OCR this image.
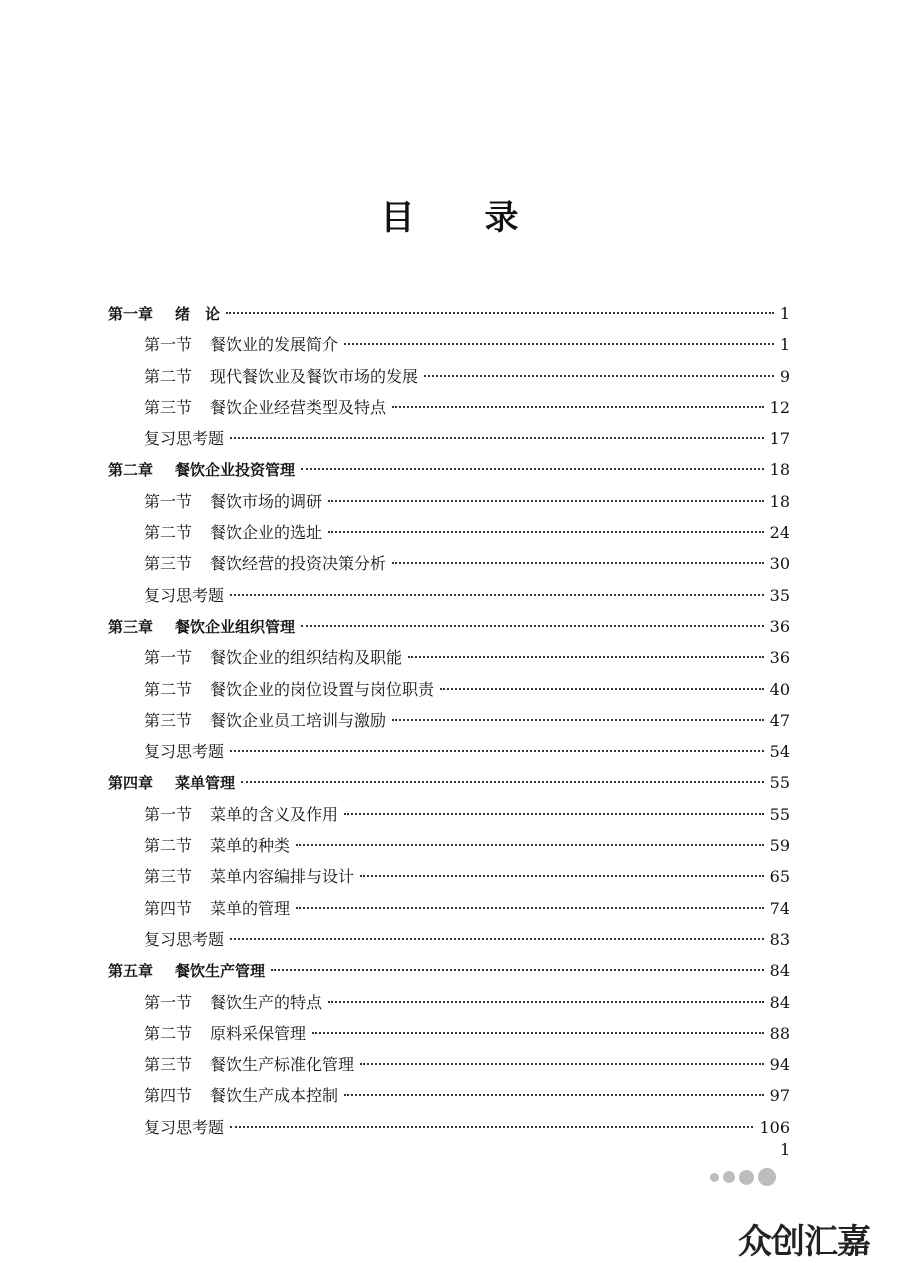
目 录
第一章 绪　论	1
第一节 餐饮业的发展简介	1
第二节 现代餐饮业及餐饮市场的发展	9
第三节 餐饮企业经营类型及特点	12
复习思考题	17
第二章 餐饮企业投资管理	18
第一节 餐饮市场的调研	18
第二节 餐饮企业的选址	24
第三节 餐饮经营的投资决策分析	30
复习思考题	35
第三章 餐饮企业组织管理	36
第一节 餐饮企业的组织结构及职能	36
第二节 餐饮企业的岗位设置与岗位职责	40
第三节 餐饮企业员工培训与激励	47
复习思考题	54
第四章 菜单管理	55
第一节 菜单的含义及作用	55
第二节 菜单的种类	59
第三节 菜单内容编排与设计	65
第四节 菜单的管理	74
复习思考题	83
第五章 餐饮生产管理	84
第一节 餐饮生产的特点	84
第二节 原料采保管理	88
第三节 餐饮生产标准化管理	94
第四节 餐饮生产成本控制	97
复习思考题	106
1
众创汇嘉
